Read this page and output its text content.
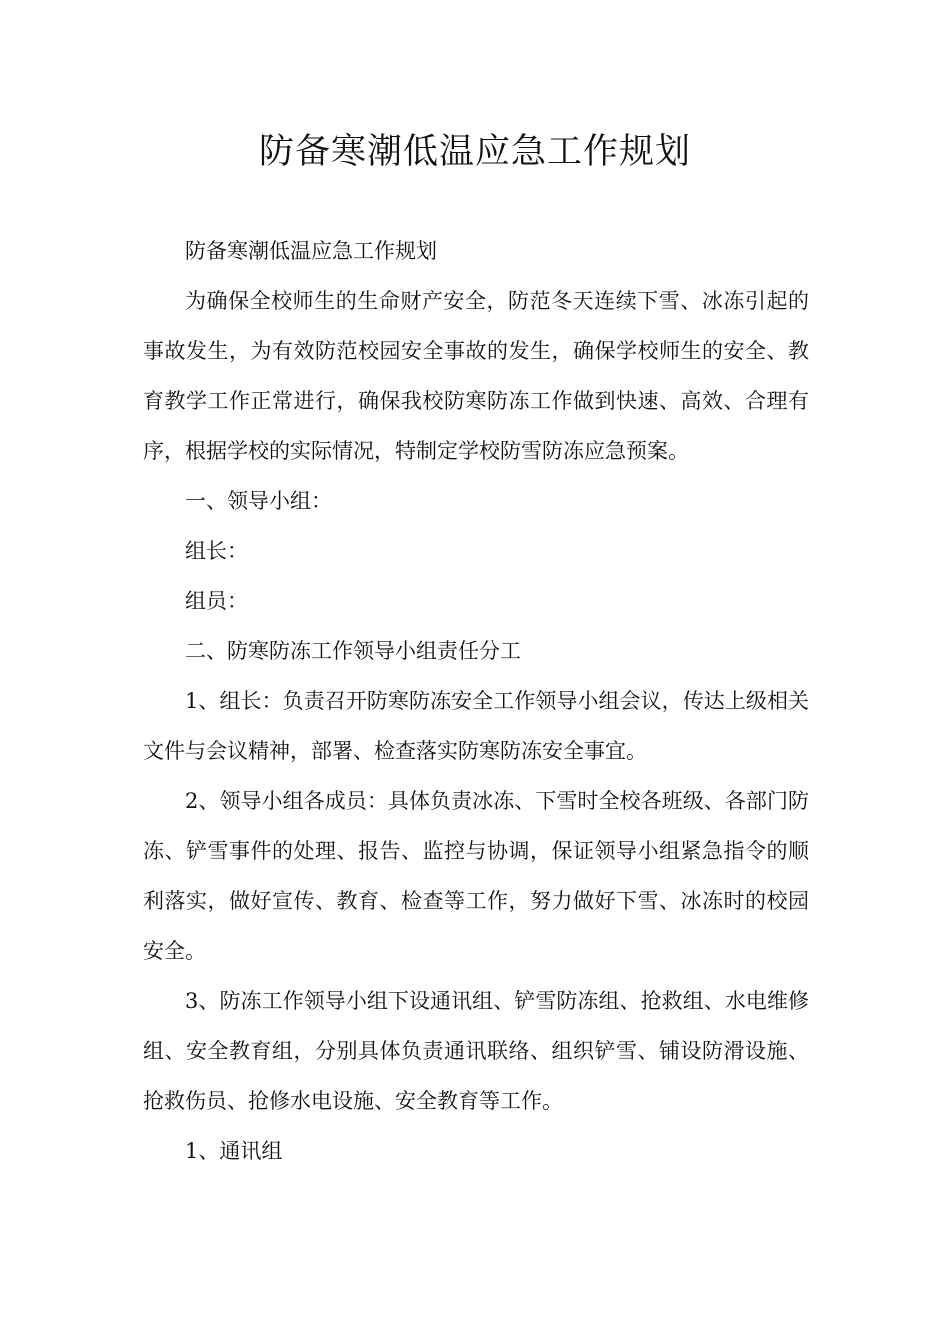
防备寒潮低温应急工作规划

防备寒潮低温应急工作规划

为确保全校师生的生命财产安全，防范冬天连续下雪、冰冻引起的事故发生，为有效防范校园安全事故的发生，确保学校师生的安全、教育教学工作正常进行，确保我校防寒防冻工作做到快速、高效、合理有序，根据学校的实际情况，特制定学校防雪防冻应急预案。

一、领导小组：

组长：

组员：

二、防寒防冻工作领导小组责任分工

1、组长：负责召开防寒防冻安全工作领导小组会议，传达上级相关文件与会议精神，部署、检查落实防寒防冻安全事宜。

2、领导小组各成员：具体负责冰冻、下雪时全校各班级、各部门防冻、铲雪事件的处理、报告、监控与协调，保证领导小组紧急指令的顺利落实，做好宣传、教育、检查等工作，努力做好下雪、冰冻时的校园安全。

3、防冻工作领导小组下设通讯组、铲雪防冻组、抢救组、水电维修组、安全教育组，分别具体负责通讯联络、组织铲雪、铺设防滑设施、抢救伤员、抢修水电设施、安全教育等工作。

1、通讯组
